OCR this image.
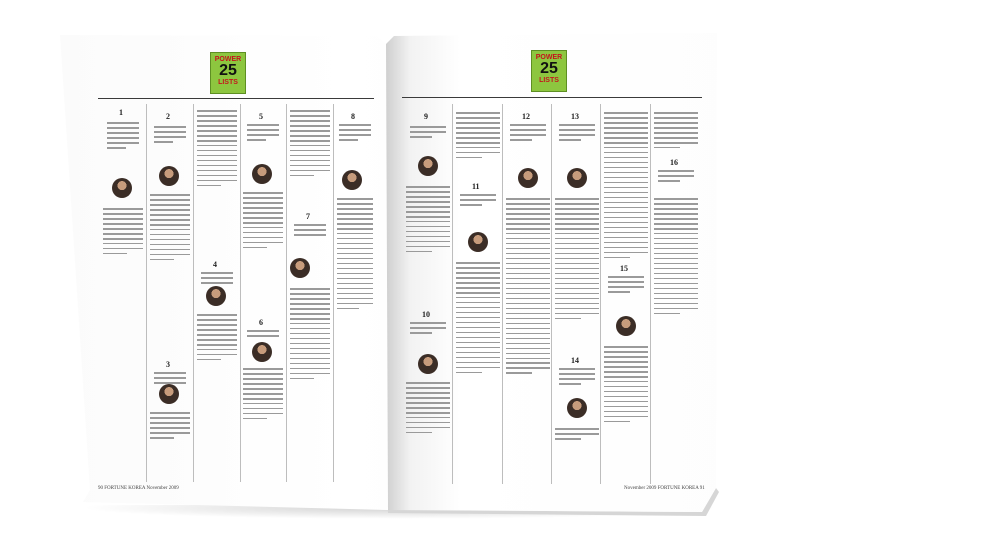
POWER
25
LISTS
POWER
25
LISTS
1	2
3
4
5
6
7
8	9
10
11
12	13
14
15
16
90 FORTUNE KOREA November 2009	November 2009 FORTUNE KOREA 91
